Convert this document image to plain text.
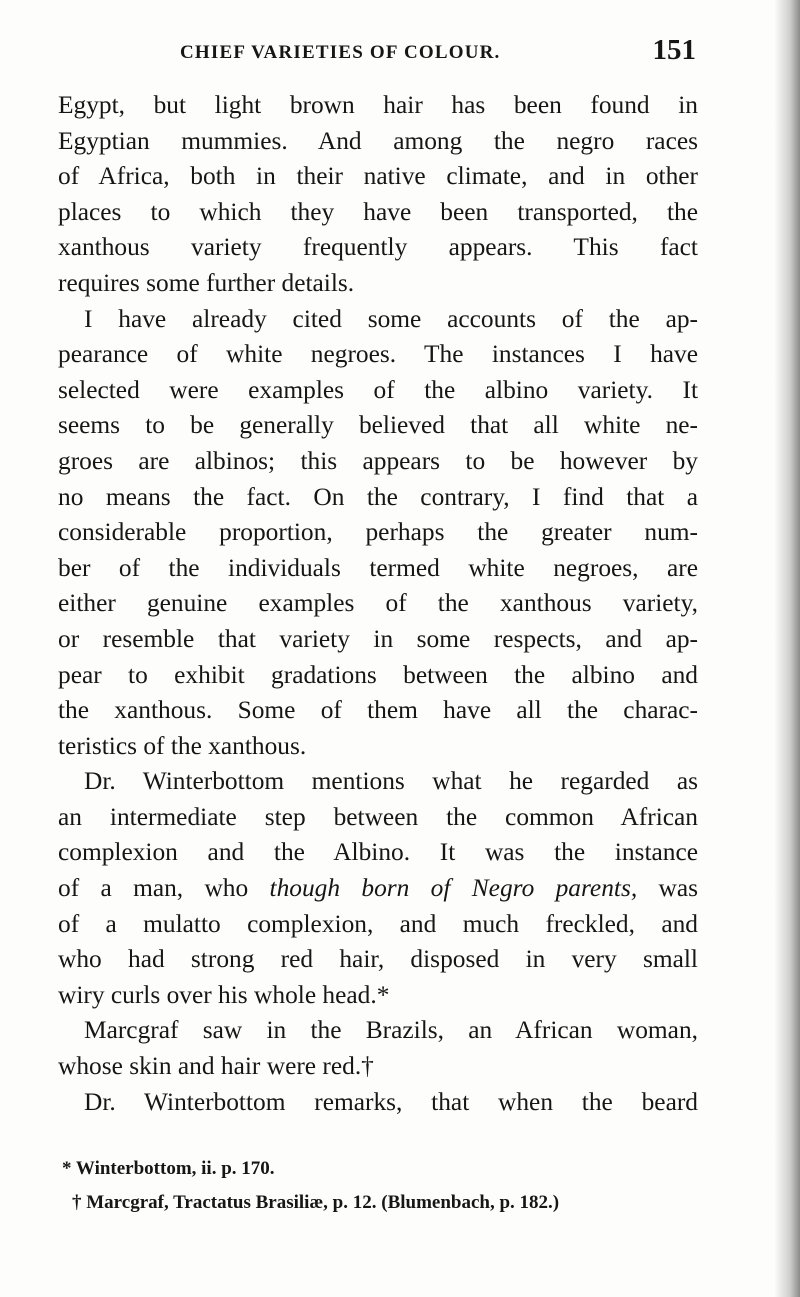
CHIEF VARIETIES OF COLOUR.	151

Egypt, but light brown hair has been found in
Egyptian mummies. And among the negro races
of Africa, both in their native climate, and in other
places to which they have been transported, the
xanthous variety frequently appears. This fact
requires some further details.

I have already cited some accounts of the ap-
pearance of white negroes. The instances I have
selected were examples of the albino variety. It
seems to be generally believed that all white ne-
groes are albinos; this appears to be however by
no means the fact. On the contrary, I find that a
considerable proportion, perhaps the greater num-
ber of the individuals termed white negroes, are
either genuine examples of the xanthous variety,
or resemble that variety in some respects, and ap-
pear to exhibit gradations between the albino and
the xanthous. Some of them have all the charac-
teristics of the xanthous.

Dr. Winterbottom mentions what he regarded as
an intermediate step between the common African
complexion and the Albino. It was the instance
of a man, who though born of Negro parents, was
of a mulatto complexion, and much freckled, and
who had strong red hair, disposed in very small
wiry curls over his whole head.*

Marcgraf saw in the Brazils, an African woman,
whose skin and hair were red.†

Dr. Winterbottom remarks, that when the beard

* Winterbottom, ii. p. 170.
† Marcgraf, Tractatus Brasiliæ, p. 12. (Blumenbach, p. 182.)
